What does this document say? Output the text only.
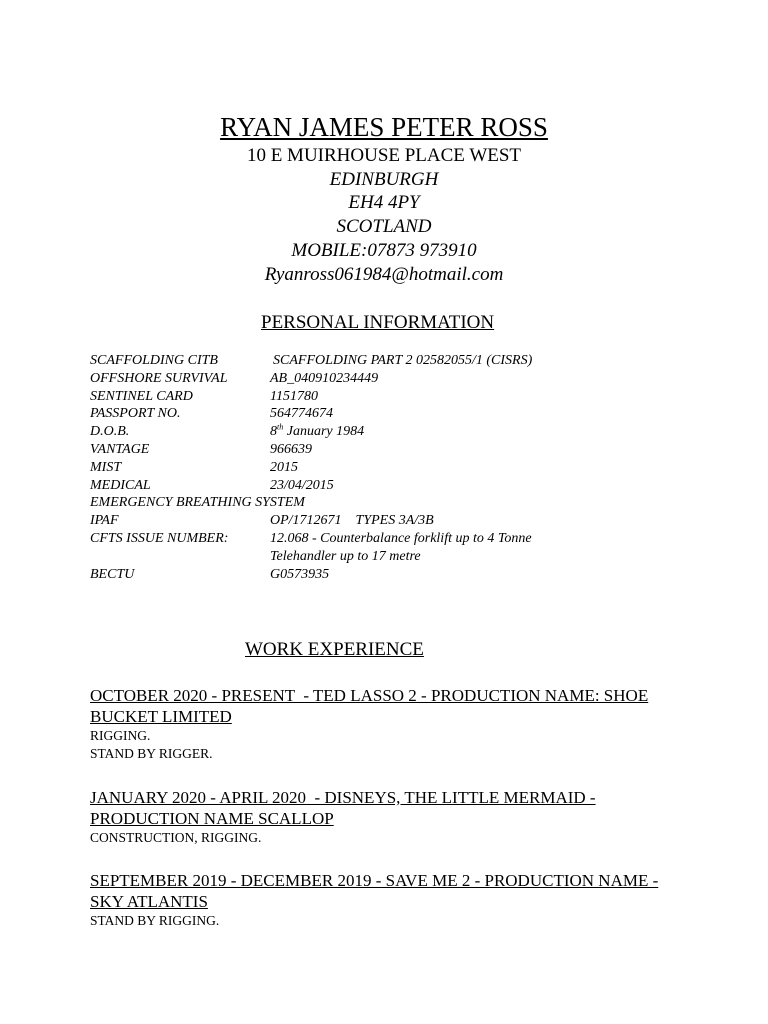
RYAN JAMES PETER ROSS
10 E MUIRHOUSE PLACE WEST
EDINBURGH
EH4 4PY
SCOTLAND
MOBILE:07873 973910
Ryanross061984@hotmail.com
PERSONAL INFORMATION
SCAFFOLDING CITB	SCAFFOLDING PART 2 02582055/1 (CISRS)
OFFSHORE SURVIVAL	AB_040910234449
SENTINEL CARD	1151780
PASSPORT NO.	564774674
D.O.B.	8th January 1984
VANTAGE	966639
MIST	2015
MEDICAL	23/04/2015
EMERGENCY BREATHING SYSTEM
IPAF	OP/1712671    TYPES 3A/3B
CFTS ISSUE NUMBER:	12.068 - Counterbalance forklift up to 4 Tonne
Telehandler up to 17 metre
BECTU	G0573935
WORK EXPERIENCE
OCTOBER 2020 - PRESENT  - TED LASSO 2 - PRODUCTION NAME: SHOE
BUCKET LIMITED
RIGGING.
STAND BY RIGGER.
JANUARY 2020 - APRIL 2020  - DISNEYS, THE LITTLE MERMAID -
PRODUCTION NAME SCALLOP
CONSTRUCTION, RIGGING.
SEPTEMBER 2019 - DECEMBER 2019 - SAVE ME 2 - PRODUCTION NAME -
SKY ATLANTIS
STAND BY RIGGING.
